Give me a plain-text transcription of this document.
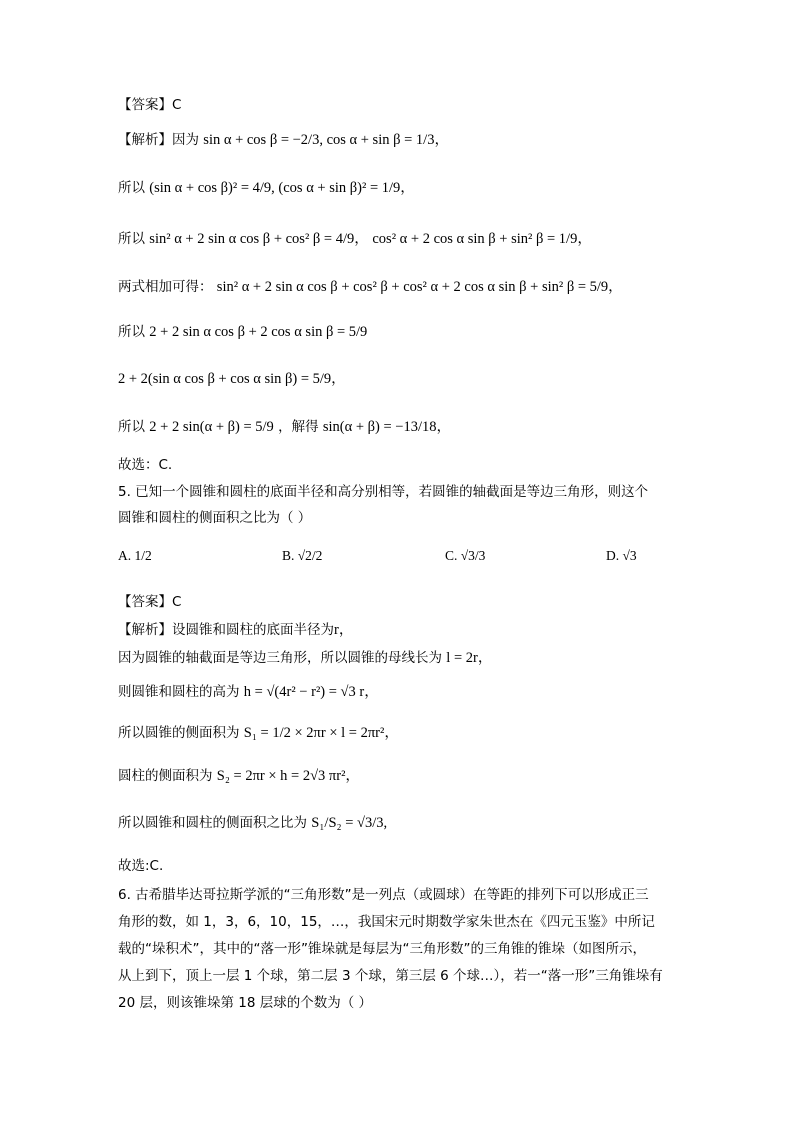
【答案】C
【解析】因为 sin α + cos β = −2/3, cos α + sin β = 1/3，
所以 (sin α + cos β)² = 4/9, (cos α + sin β)² = 1/9，
所以 sin² α + 2 sin α cos β + cos² β = 4/9， cos² α + 2 cos α sin β + sin² β = 1/9，
两式相加可得： sin² α + 2 sin α cos β + cos² β + cos² α + 2 cos α sin β + sin² β = 5/9，
所以 2 + 2 sin α cos β + 2 cos α sin β = 5/9
2 + 2(sin α cos β + cos α sin β) = 5/9，
所以 2 + 2 sin(α + β) = 5/9 ，解得 sin(α + β) = −13/18，
故选：C.
5. 已知一个圆锥和圆柱的底面半径和高分别相等，若圆锥的轴截面是等边三角形，则这个
圆锥和圆柱的侧面积之比为（ ）
A. 1/2	B. √2/2	C. √3/3	D. √3
【答案】C
【解析】设圆锥和圆柱的底面半径为r，
因为圆锥的轴截面是等边三角形，所以圆锥的母线长为 l = 2r，
则圆锥和圆柱的高为 h = √(4r² − r²) = √3 r，
所以圆锥的侧面积为 S₁ = 1/2 × 2πr × l = 2πr²，
圆柱的侧面积为 S₂ = 2πr × h = 2√3 πr²，
所以圆锥和圆柱的侧面积之比为 S₁/S₂ = √3/3,
故选:C.
6. 古希腊毕达哥拉斯学派的“三角形数”是一列点（或圆球）在等距的排列下可以形成正三
角形的数，如 1，3，6，10，15，…，我国宋元时期数学家朱世杰在《四元玉鉴》中所记
载的“垛积术”，其中的“落一形”锥垛就是每层为“三角形数”的三角锥的锥垛（如图所示，
从上到下，顶上一层 1 个球，第二层 3 个球，第三层 6 个球…），若一“落一形”三角锥垛有
20 层，则该锥垛第 18 层球的个数为（ ）
